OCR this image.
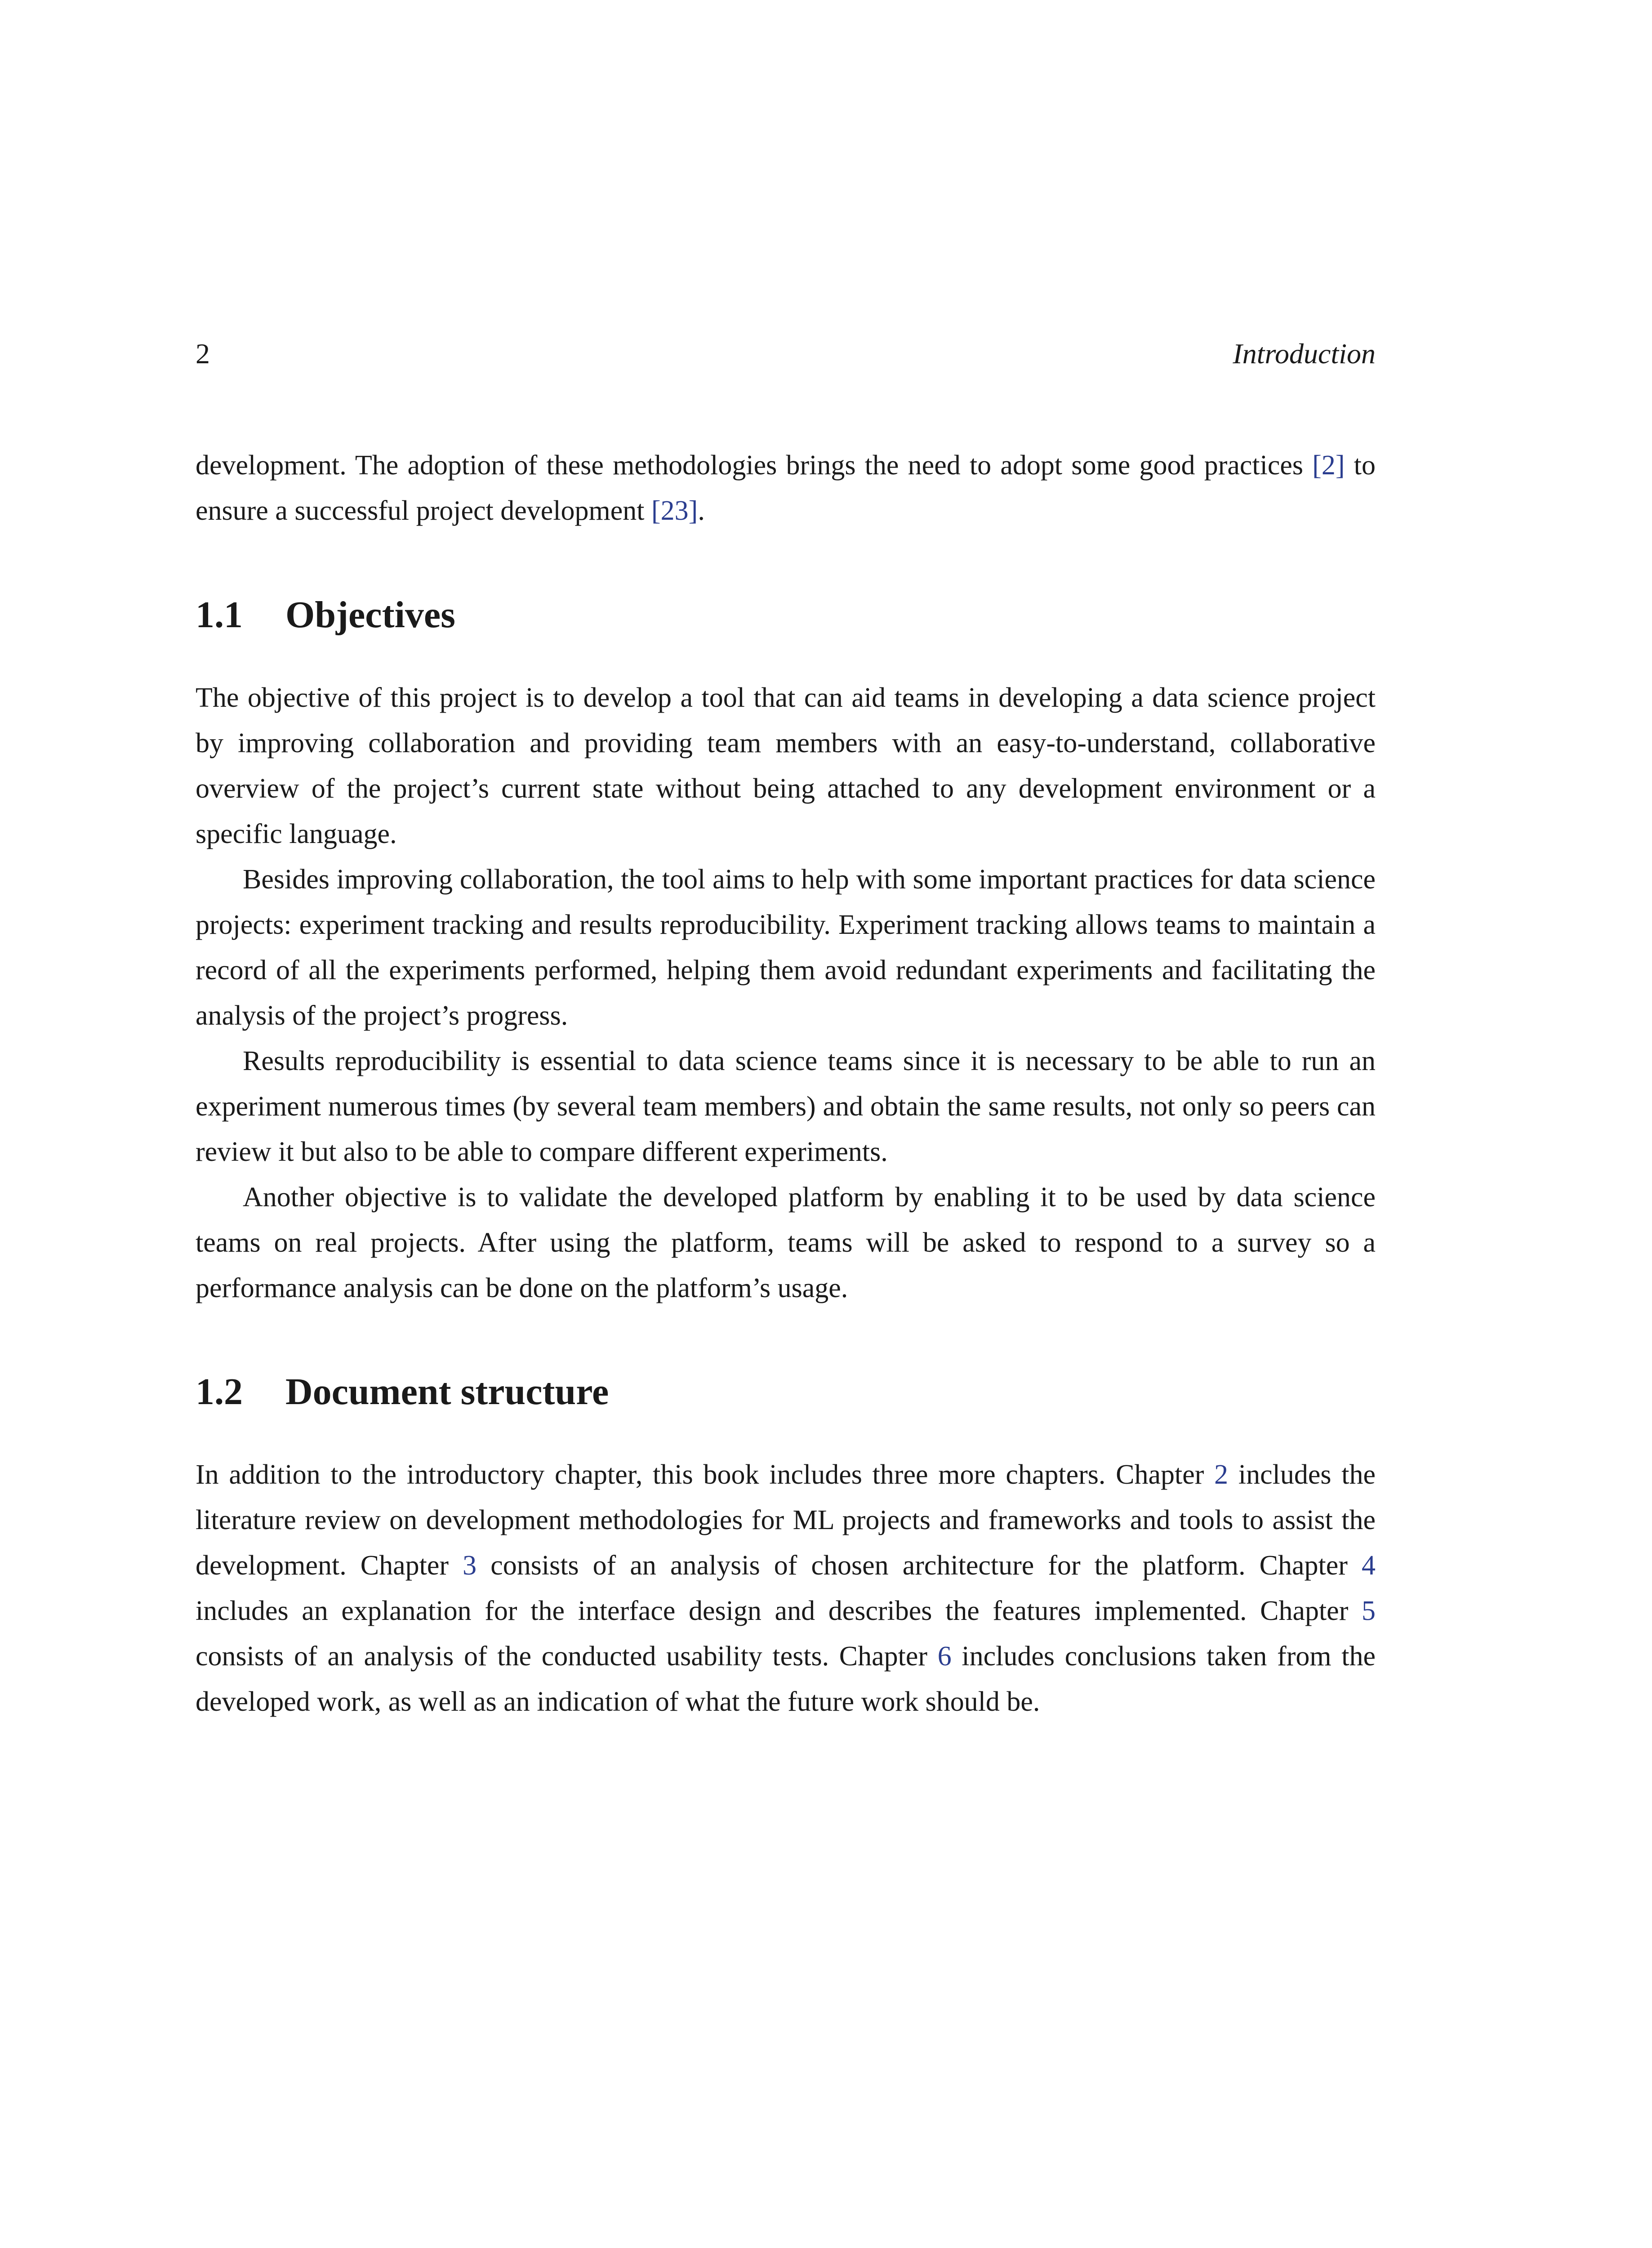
2	Introduction

development. The adoption of these methodologies brings the need to adopt some good practices [2] to ensure a successful project development [23].

1.1 Objectives

The objective of this project is to develop a tool that can aid teams in developing a data science project by improving collaboration and providing team members with an easy-to-understand, collaborative overview of the project’s current state without being attached to any development environment or a specific language.

Besides improving collaboration, the tool aims to help with some important practices for data science projects: experiment tracking and results reproducibility. Experiment tracking allows teams to maintain a record of all the experiments performed, helping them avoid redundant experiments and facilitating the analysis of the project’s progress.

Results reproducibility is essential to data science teams since it is necessary to be able to run an experiment numerous times (by several team members) and obtain the same results, not only so peers can review it but also to be able to compare different experiments.

Another objective is to validate the developed platform by enabling it to be used by data science teams on real projects. After using the platform, teams will be asked to respond to a survey so a performance analysis can be done on the platform’s usage.

1.2 Document structure

In addition to the introductory chapter, this book includes three more chapters. Chapter 2 includes the literature review on development methodologies for ML projects and frameworks and tools to assist the development. Chapter 3 consists of an analysis of chosen architecture for the platform. Chapter 4 includes an explanation for the interface design and describes the features implemented. Chapter 5 consists of an analysis of the conducted usability tests. Chapter 6 includes conclusions taken from the developed work, as well as an indication of what the future work should be.
